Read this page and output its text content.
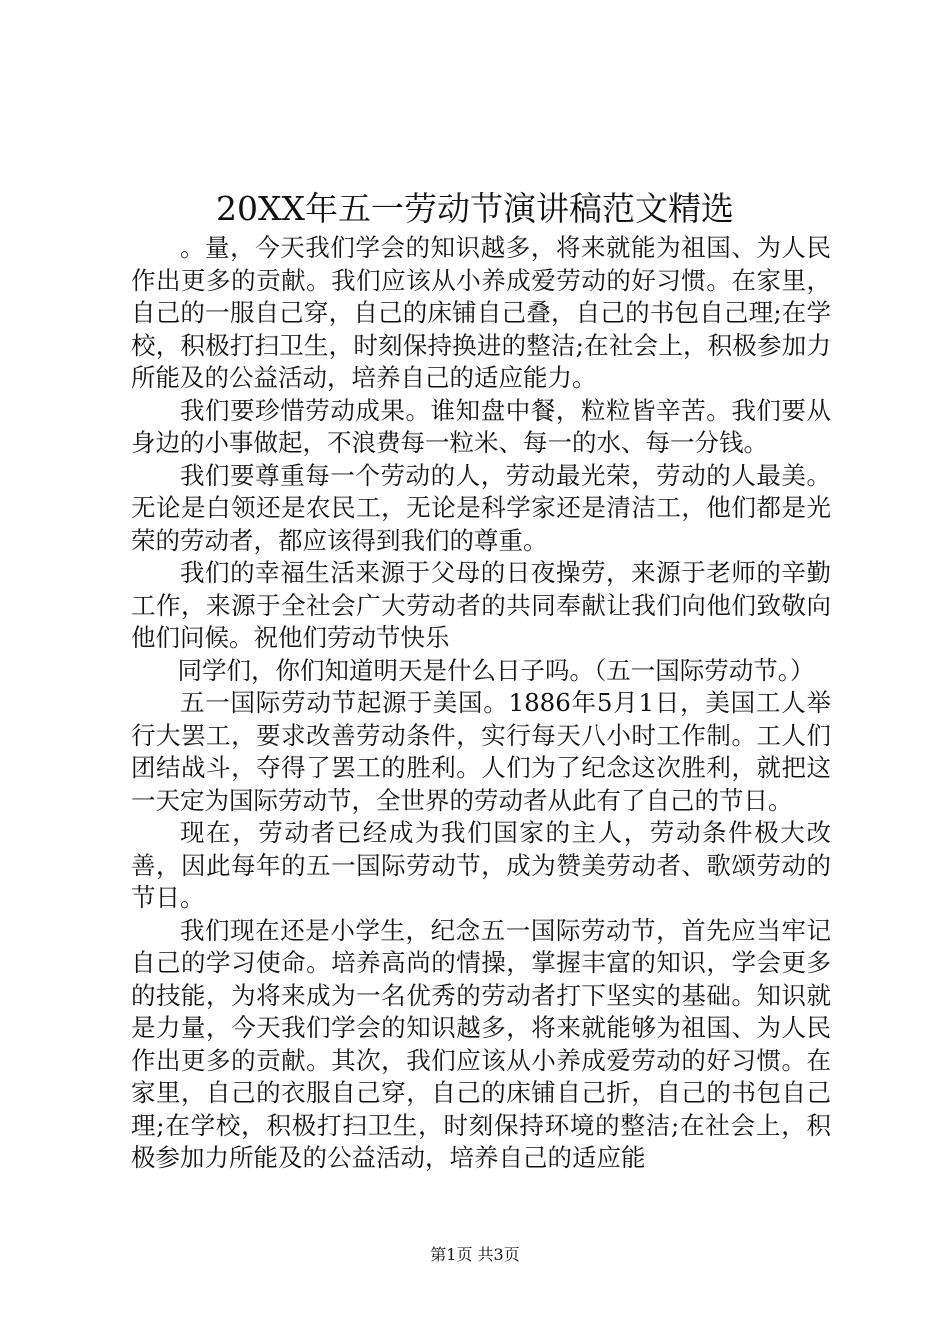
20XX年五一劳动节演讲稿范文精选

。量，今天我们学会的知识越多，将来就能为祖国、为人民作出更多的贡献。我们应该从小养成爱劳动的好习惯。在家里，自己的一服自己穿，自己的床铺自己叠，自己的书包自己理;在学校，积极打扫卫生，时刻保持换进的整洁;在社会上，积极参加力所能及的公益活动，培养自己的适应能力。

我们要珍惜劳动成果。谁知盘中餐，粒粒皆辛苦。我们要从身边的小事做起，不浪费每一粒米、每一的水、每一分钱。

我们要尊重每一个劳动的人，劳动最光荣，劳动的人最美。无论是白领还是农民工，无论是科学家还是清洁工，他们都是光荣的劳动者，都应该得到我们的尊重。

我们的幸福生活来源于父母的日夜操劳，来源于老师的辛勤工作，来源于全社会广大劳动者的共同奉献让我们向他们致敬向他们问候。祝他们劳动节快乐

同学们，你们知道明天是什么日子吗。（五一国际劳动节。）

五一国际劳动节起源于美国。1886年5月1日，美国工人举行大罢工，要求改善劳动条件，实行每天八小时工作制。工人们团结战斗，夺得了罢工的胜利。人们为了纪念这次胜利，就把这一天定为国际劳动节，全世界的劳动者从此有了自己的节日。

现在，劳动者已经成为我们国家的主人，劳动条件极大改善，因此每年的五一国际劳动节，成为赞美劳动者、歌颂劳动的节日。

我们现在还是小学生，纪念五一国际劳动节，首先应当牢记自己的学习使命。培养高尚的情操，掌握丰富的知识，学会更多的技能，为将来成为一名优秀的劳动者打下坚实的基础。知识就是力量，今天我们学会的知识越多，将来就能够为祖国、为人民作出更多的贡献。其次，我们应该从小养成爱劳动的好习惯。在家里，自己的衣服自己穿，自己的床铺自己折，自己的书包自己理;在学校，积极打扫卫生，时刻保持环境的整洁;在社会上，积极参加力所能及的公益活动，培养自己的适应能

第1页 共3页
